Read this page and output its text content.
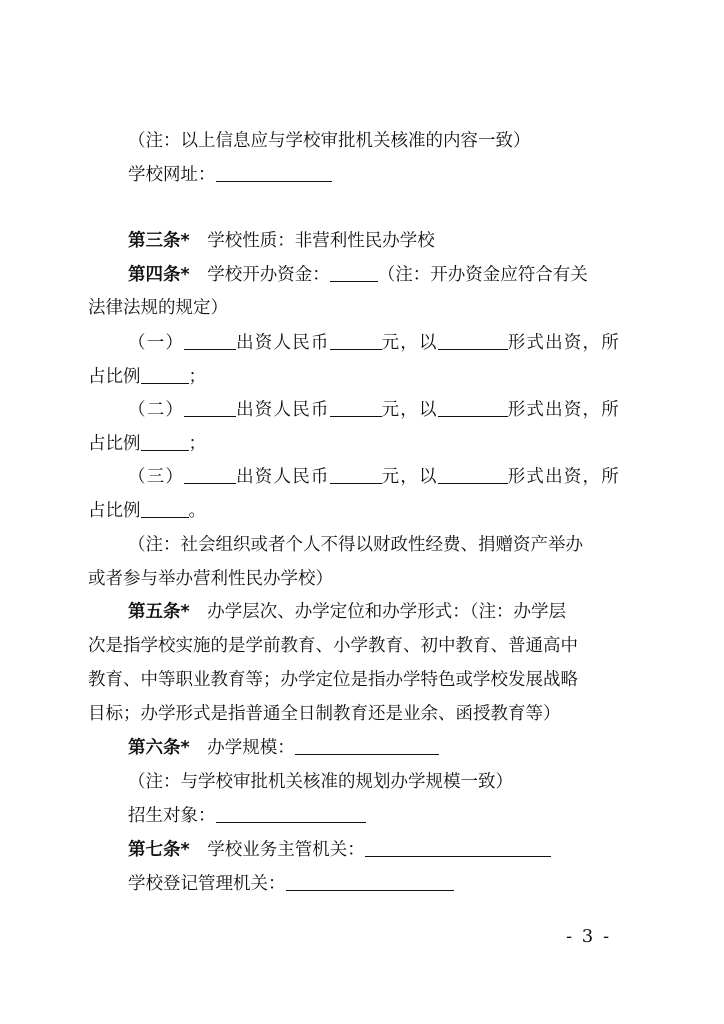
（注：以上信息应与学校审批机关核准的内容一致）
学校网址：
第三条* 学校性质：非营利性民办学校
第四条* 学校开办资金：	（注：开办资金应符合有关
法律法规的规定）
（一）	出资人民币	元，以	形式出资，所
占比例	；
（二）	出资人民币	元，以	形式出资，所
占比例	；
（三）	出资人民币	元，以	形式出资，所
占比例	。
（注：社会组织或者个人不得以财政性经费、捐赠资产举办
或者参与举办营利性民办学校）
第五条* 办学层次、办学定位和办学形式：（注：办学层
次是指学校实施的是学前教育、小学教育、初中教育、普通高中
教育、中等职业教育等；办学定位是指办学特色或学校发展战略
目标；办学形式是指普通全日制教育还是业余、函授教育等）
第六条* 办学规模：
（注：与学校审批机关核准的规划办学规模一致）
招生对象：
第七条* 学校业务主管机关：
学校登记管理机关：
- 3 -
